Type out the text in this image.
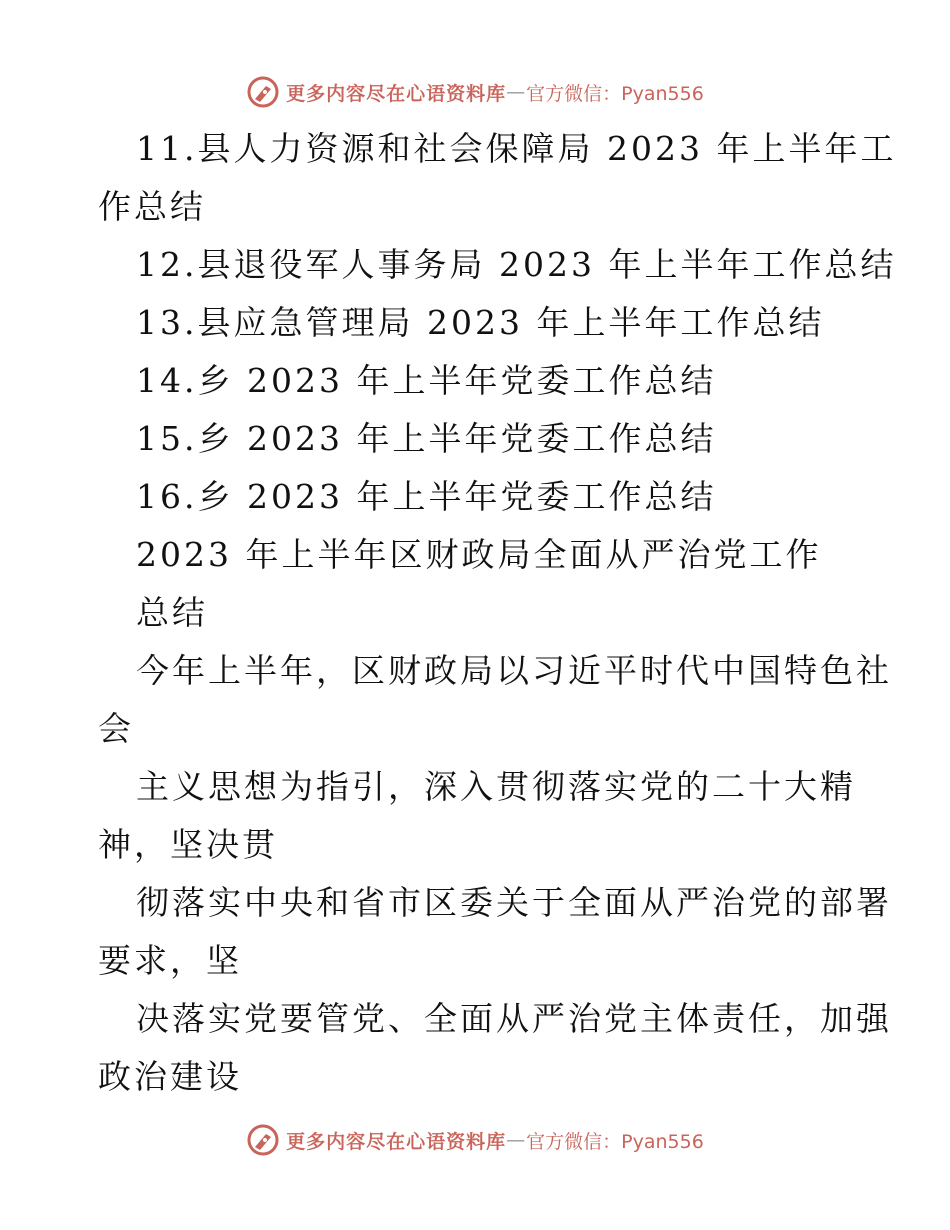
更多内容尽在心语资料库 — 官方微信：Pyan556
11.县人力资源和社会保障局 2023 年上半年工
作总结
12.县退役军人事务局 2023 年上半年工作总结
13.县应急管理局 2023 年上半年工作总结
14.乡 2023 年上半年党委工作总结
15.乡 2023 年上半年党委工作总结
16.乡 2023 年上半年党委工作总结
2023 年上半年区财政局全面从严治党工作
总结
今年上半年，区财政局以习近平时代中国特色社
会
主义思想为指引，深入贯彻落实党的二十大精
神，坚决贯
彻落实中央和省市区委关于全面从严治党的部署
要求，坚
决落实党要管党、全面从严治党主体责任，加强
政治建设
更多内容尽在心语资料库 — 官方微信：Pyan556
